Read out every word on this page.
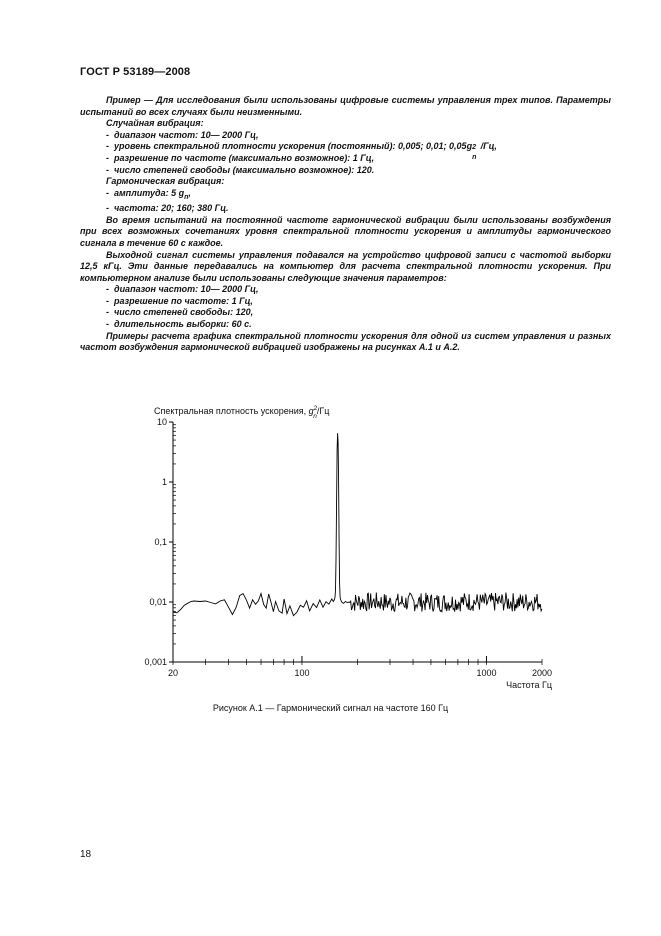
ГОСТ Р 53189—2008

Пример — Для исследования были использованы цифровые системы управления трех типов. Параметры испытаний во всех случаях были неизменными.

Случайная вибрация:

-  диапазон частот: 10— 2000 Гц,

-  уровень спектральной плотности ускорения (постоянный): 0,005; 0,01; 0,05g 2
n
/Гц,

-  разрешение по частоте (максимально возможное): 1 Гц,

-  число степеней свободы (максимально возможное): 120.

Гармоническая вибрация:

-  амплитуда: 5 $g_n$,

-  частота: 20; 160; 380 Гц.

Во время испытаний на постоянной частоте гармонической вибрации были использованы возбуждения при всех возможных сочетаниях уровня спектральной плотности ускорения и амплитуды гармонического сигнала в течение 60 с каждое.

Выходной сигнал системы управления подавался на устройство цифровой записи с частотой выборки 12,5 кГц. Эти данные передавались на компьютер для расчета спектральной плотности ускорения. При компьютерном анализе были использованы следующие значения параметров:

-  диапазон частот: 10— 2000 Гц,

-  разрешение по частоте: 1 Гц,

-  число степеней свободы: 120,

-  длительность выборки: 60 с.

Примеры расчета графика спектральной плотности ускорения для одной из систем управления и разных частот возбуждения гармонической вибрацией изображены на рисунках А.1 и А.2.

Спектральная плотность ускорения, $g^2$ n/Гц
10
1
0,1
0,01
0,001
20	100	1000	2000
Частота Гц
Рисунок А.1 — Гармонический сигнал на частоте 160 Гц
18
